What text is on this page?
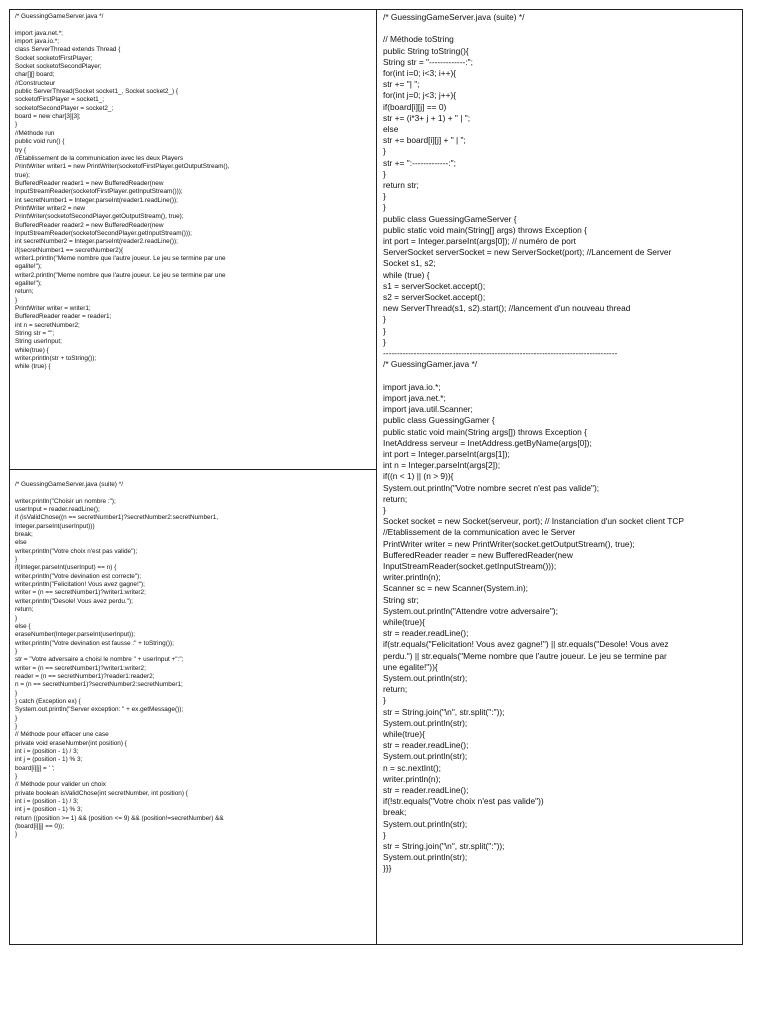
/* GuessingGameServer.java */

import java.net.*;
import java.io.*;
class ServerThread extends Thread {
Socket socketofFirstPlayer;
Socket socketofSecondPlayer;
char[][] board;
//Constructeur
public ServerThread(Socket socket1_, Socket socket2_) {
socketofFirstPlayer = socket1_;
socketofSecondPlayer = socket2_;
board = new char[3][3];
}
//Méthode run
public void run() {
try {
//Etablissement de la communication avec les deux Players
PrintWriter writer1 = new PrintWriter(socketofFirstPlayer.getOutputStream(),
true);
BufferedReader reader1 = new BufferedReader(new
InputStreamReader(socketofFirstPlayer.getInputStream()));
int secretNumber1 = Integer.parseInt(reader1.readLine());
PrintWriter writer2 = new
PrintWriter(socketofSecondPlayer.getOutputStream(), true);
BufferedReader reader2 = new BufferedReader(new
InputStreamReader(socketofSecondPlayer.getInputStream()));
int secretNumber2 = Integer.parseInt(reader2.readLine());
if(secretNumber1 == secretNumber2){
writer1.println("Meme nombre que l'autre joueur. Le jeu se termine par une
egalite!");
writer2.println("Meme nombre que l'autre joueur. Le jeu se termine par une
egalite!");
return;
}
PrintWriter writer = writer1;
BufferedReader reader = reader1;
int n = secretNumber2;
String str = "";
String userInput;
while(true) {
writer.println(str + toString());
while (true) {
/* GuessingGameServer.java (suite) */

writer.println("Choisir un nombre :");
userInput = reader.readLine();
if (isValidChose((n == secretNumber1)?secretNumber2:secretNumber1,
Integer.parseInt(userInput)))
break;
else
writer.println("Votre choix n'est pas valide");
}
if(Integer.parseInt(userInput) == n) {
writer.println("Votre devination est correcte");
writer.println("Felicitation! Vous avez gagne!");
writer = (n == secretNumber1)?writer1:writer2;
writer.println("Desole! Vous avez perdu.");
return;
}
else {
eraseNumber(Integer.parseInt(userInput));
writer.println("Votre devination est fausse :" + toString());
}
str = "Votre adversaire a choisi le nombre " + userInput +":";
writer = (n == secretNumber1)?writer1:writer2;
reader = (n == secretNumber1)?reader1:reader2;
n = (n == secretNumber1)?secretNumber2:secretNumber1;
}
} catch (Exception ex) {
System.out.println("Server exception: " + ex.getMessage());
}
}
// Méthode pour effacer une case
private void eraseNumber(int position) {
int i = (position - 1) / 3;
int j = (position - 1) % 3;
board[i][j] = ' ';
}
// Méthode pour valider un choix
private boolean isValidChose(int secretNumber, int position) {
int i = (position - 1) / 3;
int j = (position - 1) % 3;
return ((position >= 1) && (position <= 9) && (position!=secretNumber) &&
(board[i][j] == 0));
}
/* GuessingGameServer.java (suite) */

// Méthode toString
public String toString(){
String str = "-------------:";
for(int i=0; i<3; i++){
str += "| ";
for(int j=0; j<3; j++){
if(board[i][j] == 0)
str += (i*3+ j + 1) + " | ";
else
str += board[i][j] + " | ";
}
str += ":-------------:";
}
return str;
}
}
public class GuessingGameServer {
public static void main(String[] args) throws Exception {
int port = Integer.parseInt(args[0]); // numéro de port
ServerSocket serverSocket = new ServerSocket(port); //Lancement de Server
Socket s1, s2;
while (true) {
s1 = serverSocket.accept();
s2 = serverSocket.accept();
new ServerThread(s1, s2).start(); //lancement d'un nouveau thread
}
}
}
------------------------------------------------------------------------------------
/* GuessingGamer.java */

import java.io.*;
import java.net.*;
import java.util.Scanner;
public class GuessingGamer {
public static void main(String args[]) throws Exception {
InetAddress serveur = InetAddress.getByName(args[0]);
int port = Integer.parseInt(args[1]);
int n = Integer.parseInt(args[2]);
if((n < 1) || (n > 9)){
System.out.println("Votre nombre secret n'est pas valide");
return;
}
Socket socket = new Socket(serveur, port); // Instanciation d'un socket client TCP
//Etablissement de la communication avec le Server
PrintWriter writer = new PrintWriter(socket.getOutputStream(), true);
BufferedReader reader = new BufferedReader(new
InputStreamReader(socket.getInputStream()));
writer.println(n);
Scanner sc = new Scanner(System.in);
String str;
System.out.println("Attendre votre adversaire");
while(true){
str = reader.readLine();
if(str.equals("Felicitation! Vous avez gagne!") || str.equals("Desole! Vous avez
perdu.") || str.equals("Meme nombre que l'autre joueur. Le jeu se termine par
une egalite!")){
System.out.println(str);
return;
}
str = String.join("\n", str.split(":"));
System.out.println(str);
while(true){
str = reader.readLine();
System.out.println(str);
n = sc.nextInt();
writer.println(n);
str = reader.readLine();
if(!str.equals("Votre choix n'est pas valide"))
break;
System.out.println(str);
}
str = String.join("\n", str.split(":"));
System.out.println(str);
}}}
